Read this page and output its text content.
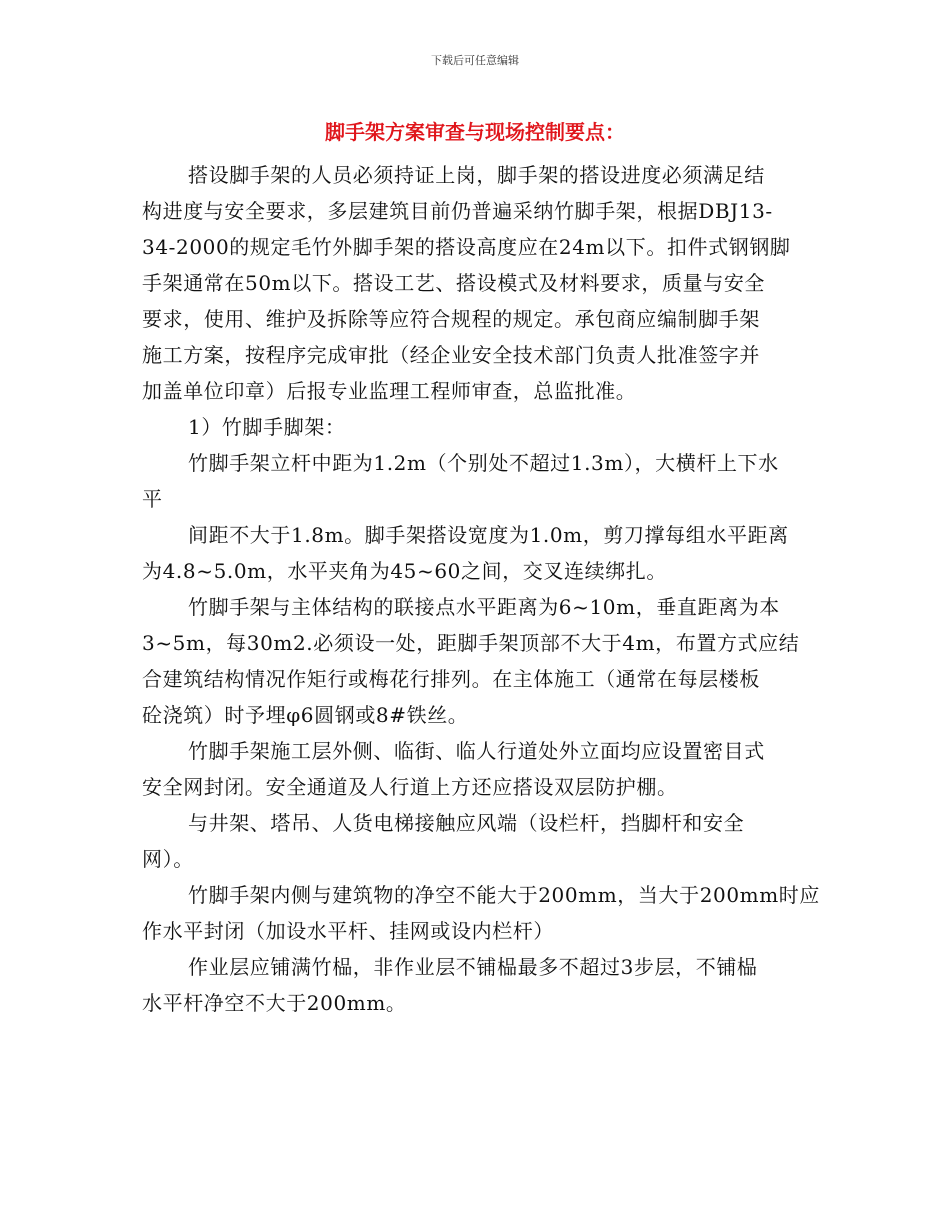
下载后可任意编辑
脚手架方案审查与现场控制要点：
搭设脚手架的人员必须持证上岗，脚手架的搭设进度必须满足结
构进度与安全要求，多层建筑目前仍普遍采纳竹脚手架，根据DBJ13-
34-2000的规定毛竹外脚手架的搭设高度应在24m以下。扣件式钢钢脚
手架通常在50m以下。搭设工艺、搭设模式及材料要求，质量与安全
要求，使用、维护及拆除等应符合规程的规定。承包商应编制脚手架
施工方案，按程序完成审批（经企业安全技术部门负责人批准签字并
加盖单位印章）后报专业监理工程师审查，总监批准。
1）竹脚手脚架：
竹脚手架立杆中距为1.2m（个别处不超过1.3m），大横杆上下水
平
间距不大于1.8m。脚手架搭设宽度为1.0m，剪刀撑每组水平距离
为4.8~5.0m，水平夹角为45~60之间，交叉连续绑扎。
竹脚手架与主体结构的联接点水平距离为6~10m，垂直距离为本
3~5m，每30m2.必须设一处，距脚手架顶部不大于4m，布置方式应结
合建筑结构情况作矩行或梅花行排列。在主体施工（通常在每层楼板
砼浇筑）时予埋φ6圆钢或8#铁丝。
竹脚手架施工层外侧、临街、临人行道处外立面均应设置密目式
安全网封闭。安全通道及人行道上方还应搭设双层防护棚。
与井架、塔吊、人货电梯接触应风端（设栏杆，挡脚杆和安全
网）。
竹脚手架内侧与建筑物的净空不能大于200mm，当大于200mm时应
作水平封闭（加设水平杆、挂网或设内栏杆）
作业层应铺满竹榀，非作业层不铺榀最多不超过3步层，不铺榀
水平杆净空不大于200mm。
